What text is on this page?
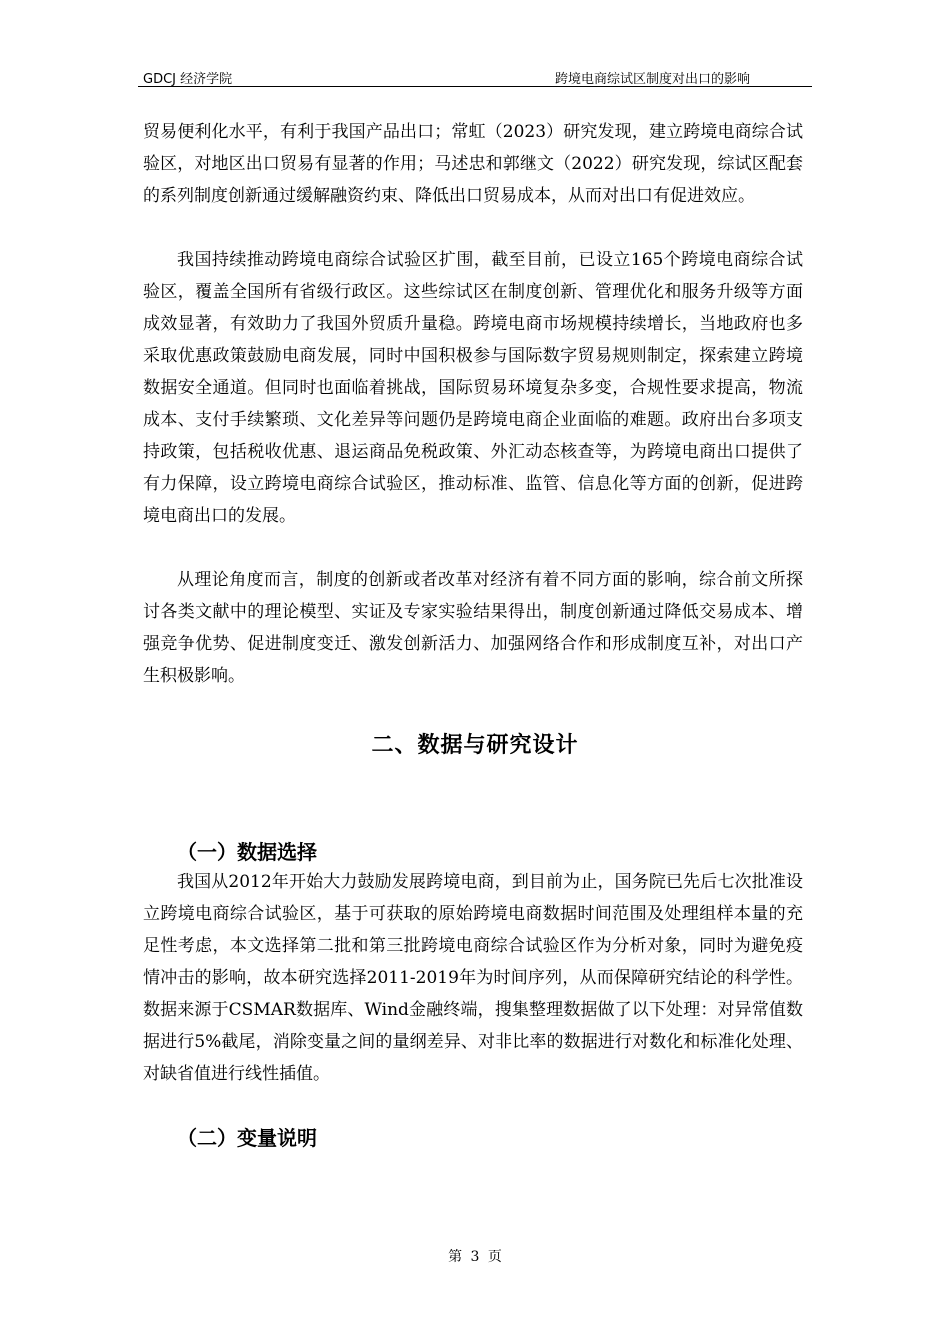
GDCJ 经济学院	跨境电商综试区制度对出口的影响

贸易便利化水平，有利于我国产品出口；常虹（2023）研究发现，建立跨境电商综合试验区，对地区出口贸易有显著的作用；马述忠和郭继文（2022）研究发现，综试区配套的系列制度创新通过缓解融资约束、降低出口贸易成本，从而对出口有促进效应。

我国持续推动跨境电商综合试验区扩围，截至目前，已设立165个跨境电商综合试验区，覆盖全国所有省级行政区。这些综试区在制度创新、管理优化和服务升级等方面成效显著，有效助力了我国外贸质升量稳。跨境电商市场规模持续增长，当地政府也多采取优惠政策鼓励电商发展，同时中国积极参与国际数字贸易规则制定，探索建立跨境数据安全通道。但同时也面临着挑战，国际贸易环境复杂多变，合规性要求提高，物流成本、支付手续繁琐、文化差异等问题仍是跨境电商企业面临的难题。政府出台多项支持政策，包括税收优惠、退运商品免税政策、外汇动态核查等，为跨境电商出口提供了有力保障，设立跨境电商综合试验区，推动标准、监管、信息化等方面的创新，促进跨境电商出口的发展。

从理论角度而言，制度的创新或者改革对经济有着不同方面的影响，综合前文所探讨各类文献中的理论模型、实证及专家实验结果得出，制度创新通过降低交易成本、增强竞争优势、促进制度变迁、激发创新活力、加强网络合作和形成制度互补，对出口产生积极影响。

二、数据与研究设计
（一）数据选择

我国从2012年开始大力鼓励发展跨境电商，到目前为止，国务院已先后七次批准设立跨境电商综合试验区，基于可获取的原始跨境电商数据时间范围及处理组样本量的充足性考虑，本文选择第二批和第三批跨境电商综合试验区作为分析对象，同时为避免疫情冲击的影响，故本研究选择2011-2019年为时间序列，从而保障研究结论的科学性。数据来源于CSMAR数据库、Wind金融终端，搜集整理数据做了以下处理：对异常值数据进行5%截尾，消除变量之间的量纲差异、对非比率的数据进行对数化和标准化处理、对缺省值进行线性插值。

（二）变量说明
第 3 页
